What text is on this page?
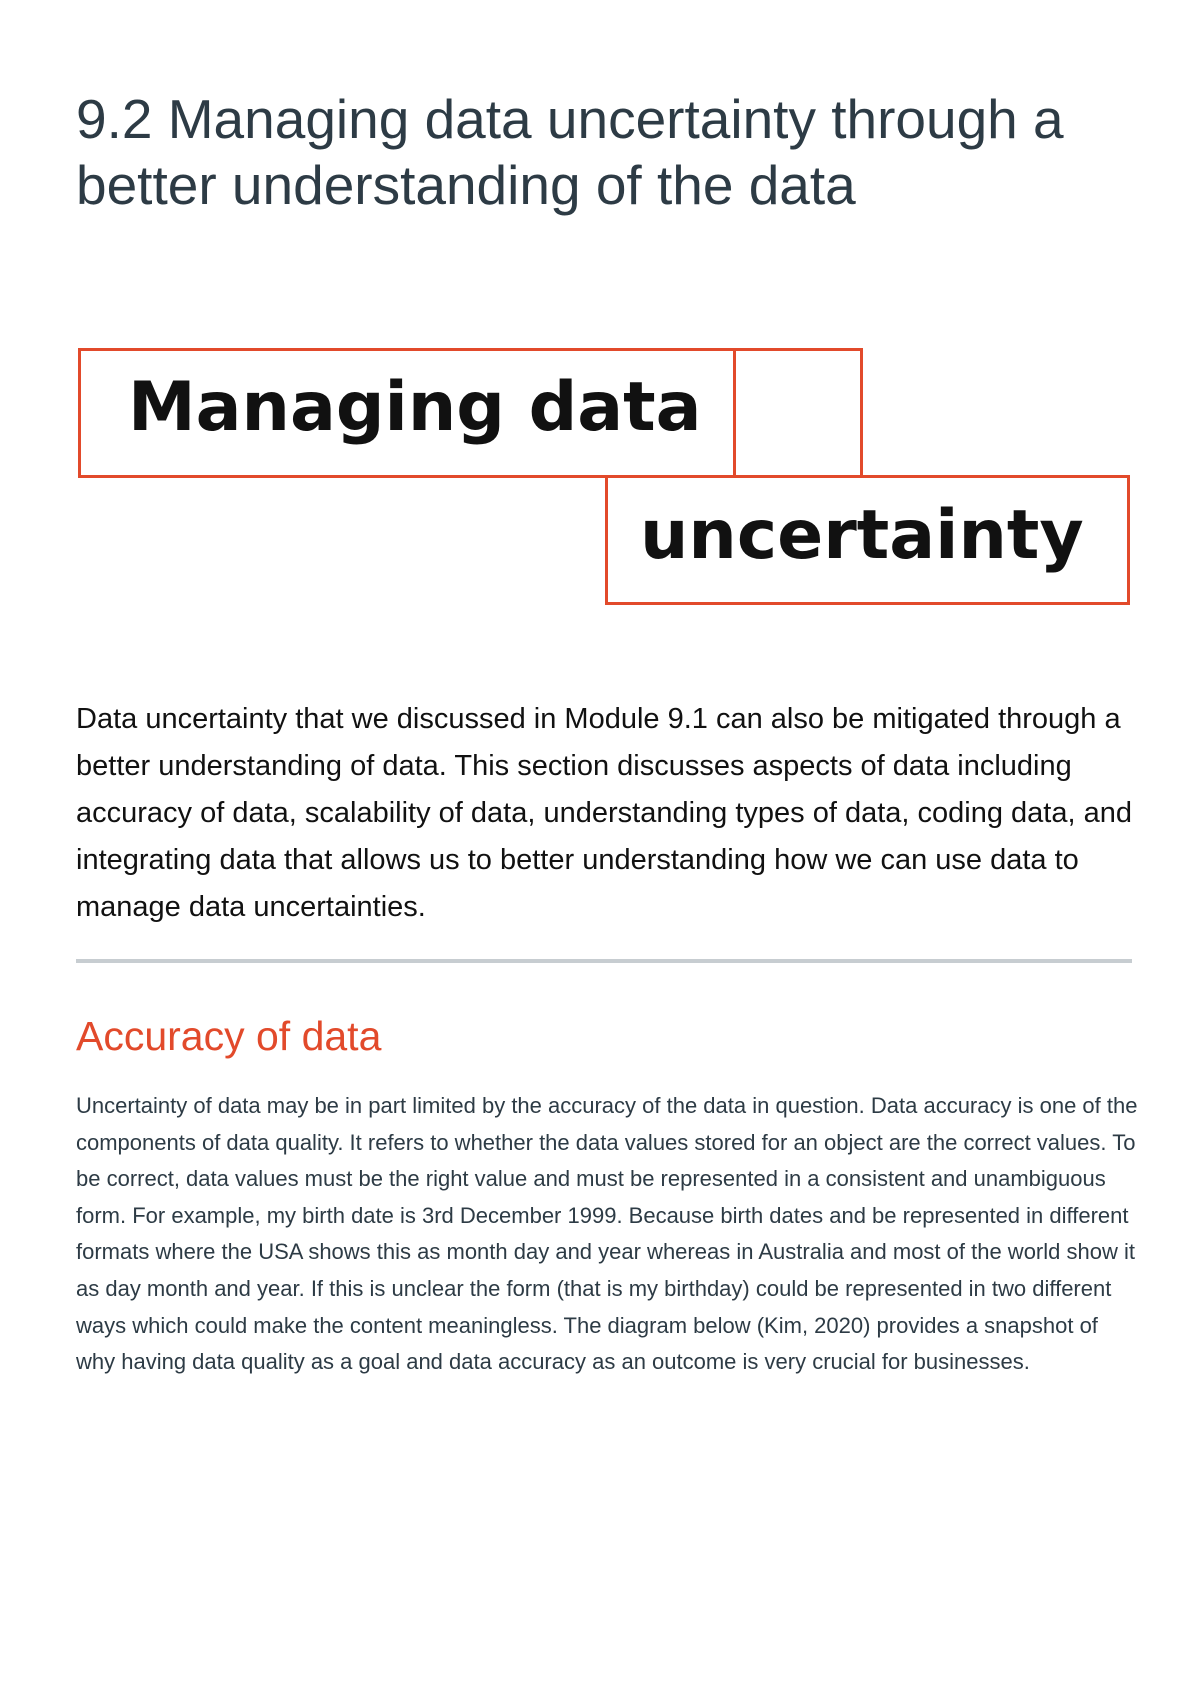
9.2 Managing data uncertainty through a better understanding of the data
Managing data
uncertainty

Data uncertainty that we discussed in Module 9.1 can also be mitigated through a better understanding of data. This section discusses aspects of data including accuracy of data, scalability of data, understanding types of data, coding data, and integrating data that allows us to better understanding how we can use data to manage data uncertainties.

Accuracy of data

Uncertainty of data may be in part limited by the accuracy of the data in question. Data accuracy is one of the components of data quality. It refers to whether the data values stored for an object are the correct values. To be correct, data values must be the right value and must be represented in a consistent and unambiguous form. For example, my birth date is 3rd December 1999. Because birth dates and be represented in different formats where the USA shows this as month day and year whereas in Australia and most of the world show it as day month and year. If this is unclear the form (that is my birthday) could be represented in two different ways which could make the content meaningless. The diagram below (Kim, 2020) provides a snapshot of why having data quality as a goal and data accuracy as an outcome is very crucial for businesses.
